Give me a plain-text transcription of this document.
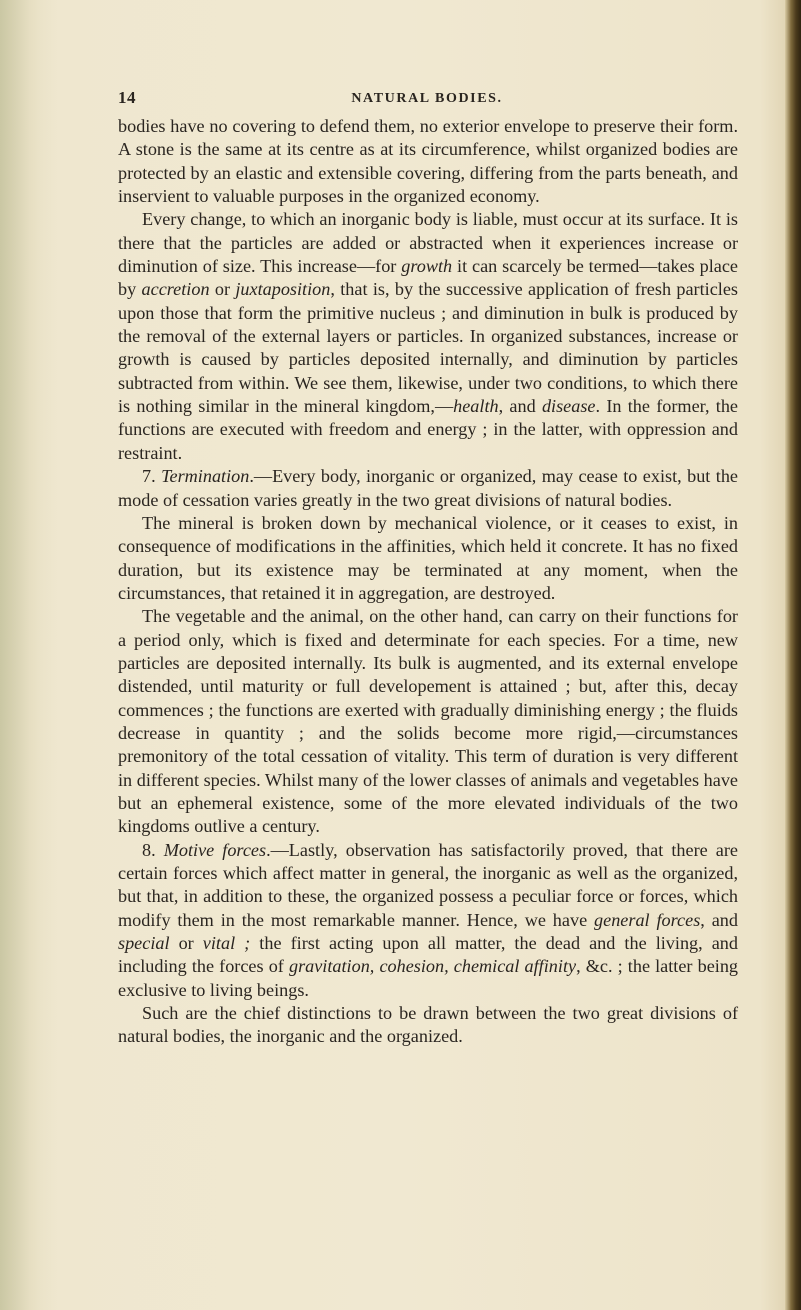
14	NATURAL BODIES.

bodies have no covering to defend them, no exterior envelope to preserve their form. A stone is the same at its centre as at its circumference, whilst organized bodies are protected by an elastic and extensible covering, differing from the parts beneath, and inservient to valuable purposes in the organized economy.

Every change, to which an inorganic body is liable, must occur at its surface. It is there that the particles are added or abstracted when it experiences increase or diminution of size. This increase—for growth it can scarcely be termed—takes place by accretion or juxtaposition, that is, by the successive application of fresh particles upon those that form the primitive nucleus ; and diminution in bulk is produced by the removal of the external layers or particles. In organized substances, increase or growth is caused by particles deposited internally, and diminution by particles subtracted from within. We see them, likewise, under two conditions, to which there is nothing similar in the mineral kingdom,—health, and disease. In the former, the functions are executed with freedom and energy ; in the latter, with oppression and restraint.

7. Termination.—Every body, inorganic or organized, may cease to exist, but the mode of cessation varies greatly in the two great divisions of natural bodies.

The mineral is broken down by mechanical violence, or it ceases to exist, in consequence of modifications in the affinities, which held it concrete. It has no fixed duration, but its existence may be terminated at any moment, when the circumstances, that retained it in aggregation, are destroyed.

The vegetable and the animal, on the other hand, can carry on their functions for a period only, which is fixed and determinate for each species. For a time, new particles are deposited internally. Its bulk is augmented, and its external envelope distended, until maturity or full developement is attained ; but, after this, decay commences ; the functions are exerted with gradually diminishing energy ; the fluids decrease in quantity ; and the solids become more rigid,—circumstances premonitory of the total cessation of vitality. This term of duration is very different in different species. Whilst many of the lower classes of animals and vegetables have but an ephemeral existence, some of the more elevated individuals of the two kingdoms outlive a century.

8. Motive forces.—Lastly, observation has satisfactorily proved, that there are certain forces which affect matter in general, the inorganic as well as the organized, but that, in addition to these, the organized possess a peculiar force or forces, which modify them in the most remarkable manner. Hence, we have general forces, and special or vital ; the first acting upon all matter, the dead and the living, and including the forces of gravitation, cohesion, chemical affinity, &c. ; the latter being exclusive to living beings.

Such are the chief distinctions to be drawn between the two great divisions of natural bodies, the inorganic and the organized.
